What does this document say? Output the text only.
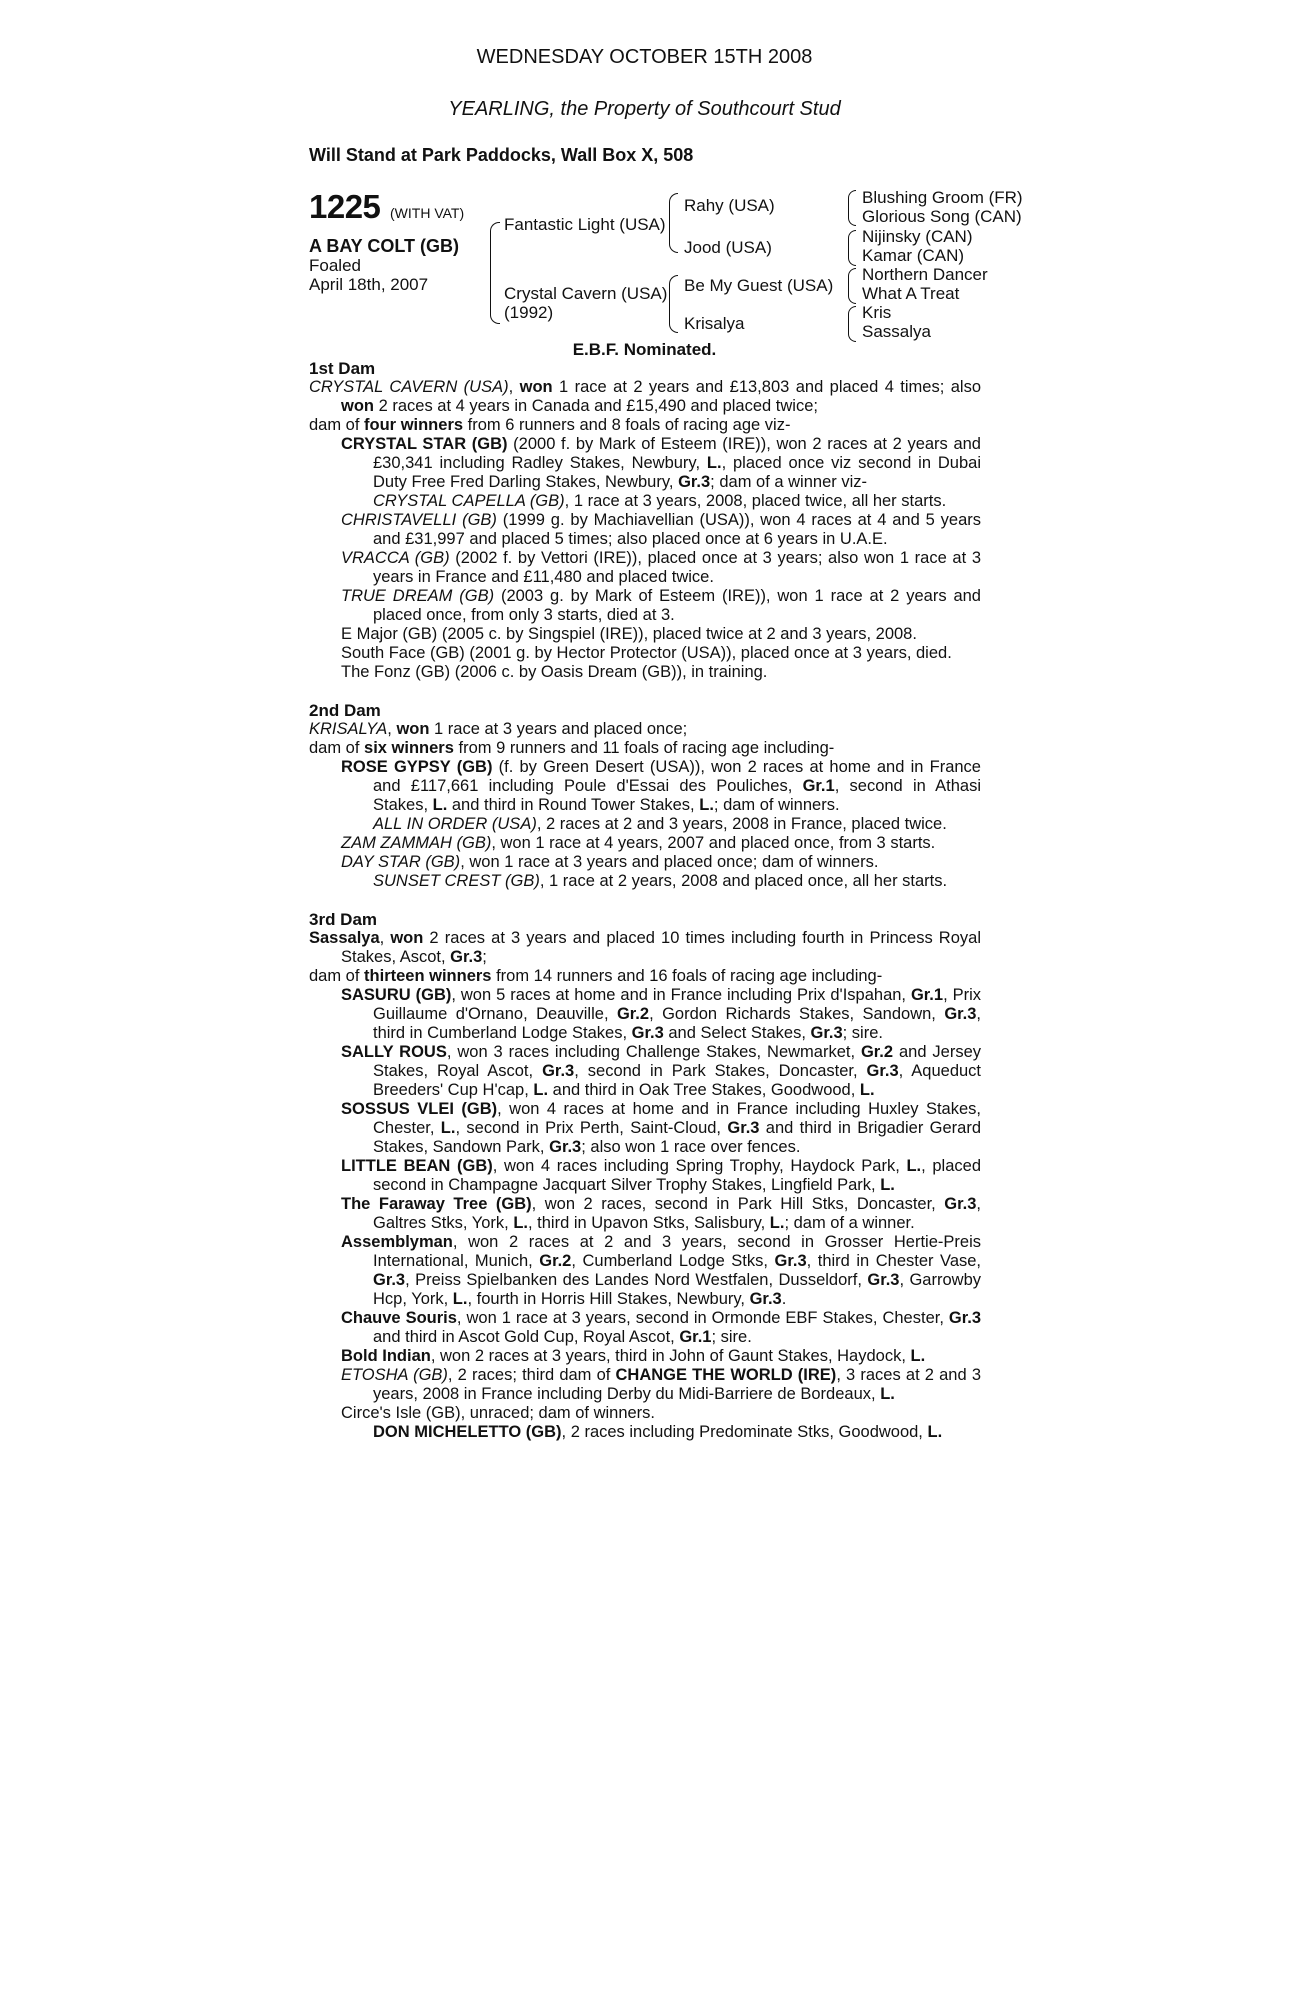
WEDNESDAY OCTOBER 15TH 2008
YEARLING, the Property of Southcourt Stud
Will Stand at Park Paddocks, Wall Box X, 508
1225 (WITH VAT)
A BAY COLT (GB)
Foaled
April 18th, 2007
Fantastic Light (USA)
Crystal Cavern (USA)
(1992)
Rahy (USA)
Jood (USA)
Be My Guest (USA)
Krisalya
Blushing Groom (FR)
Glorious Song (CAN)
Nijinsky (CAN)
Kamar (CAN)
Northern Dancer
What A Treat
Kris
Sassalya
E.B.F. Nominated.
1st Dam

CRYSTAL CAVERN (USA), won 1 race at 2 years and £13,803 and placed 4 times; also won 2 races at 4 years in Canada and £15,490 and placed twice;

dam of four winners from 6 runners and 8 foals of racing age viz-

CRYSTAL STAR (GB) (2000 f. by Mark of Esteem (IRE)), won 2 races at 2 years and £30,341 including Radley Stakes, Newbury, L., placed once viz second in Dubai Duty Free Fred Darling Stakes, Newbury, Gr.3; dam of a winner viz-

CRYSTAL CAPELLA (GB), 1 race at 3 years, 2008, placed twice, all her starts.

CHRISTAVELLI (GB) (1999 g. by Machiavellian (USA)), won 4 races at 4 and 5 years and £31,997 and placed 5 times; also placed once at 6 years in U.A.E.

VRACCA (GB) (2002 f. by Vettori (IRE)), placed once at 3 years; also won 1 race at 3 years in France and £11,480 and placed twice.

TRUE DREAM (GB) (2003 g. by Mark of Esteem (IRE)), won 1 race at 2 years and placed once, from only 3 starts, died at 3.

E Major (GB) (2005 c. by Singspiel (IRE)), placed twice at 2 and 3 years, 2008.

South Face (GB) (2001 g. by Hector Protector (USA)), placed once at 3 years, died.

The Fonz (GB) (2006 c. by Oasis Dream (GB)), in training.

2nd Dam

KRISALYA, won 1 race at 3 years and placed once;

dam of six winners from 9 runners and 11 foals of racing age including-

ROSE GYPSY (GB) (f. by Green Desert (USA)), won 2 races at home and in France and £117,661 including Poule d'Essai des Pouliches, Gr.1, second in Athasi Stakes, L. and third in Round Tower Stakes, L.; dam of winners.

ALL IN ORDER (USA), 2 races at 2 and 3 years, 2008 in France, placed twice.

ZAM ZAMMAH (GB), won 1 race at 4 years, 2007 and placed once, from 3 starts.

DAY STAR (GB), won 1 race at 3 years and placed once; dam of winners.

SUNSET CREST (GB), 1 race at 2 years, 2008 and placed once, all her starts.

3rd Dam

Sassalya, won 2 races at 3 years and placed 10 times including fourth in Princess Royal Stakes, Ascot, Gr.3;

dam of thirteen winners from 14 runners and 16 foals of racing age including-

SASURU (GB), won 5 races at home and in France including Prix d'Ispahan, Gr.1, Prix Guillaume d'Ornano, Deauville, Gr.2, Gordon Richards Stakes, Sandown, Gr.3, third in Cumberland Lodge Stakes, Gr.3 and Select Stakes, Gr.3; sire.

SALLY ROUS, won 3 races including Challenge Stakes, Newmarket, Gr.2 and Jersey Stakes, Royal Ascot, Gr.3, second in Park Stakes, Doncaster, Gr.3, Aqueduct Breeders' Cup H'cap, L. and third in Oak Tree Stakes, Goodwood, L.

SOSSUS VLEI (GB), won 4 races at home and in France including Huxley Stakes, Chester, L., second in Prix Perth, Saint-Cloud, Gr.3 and third in Brigadier Gerard Stakes, Sandown Park, Gr.3; also won 1 race over fences.

LITTLE BEAN (GB), won 4 races including Spring Trophy, Haydock Park, L., placed second in Champagne Jacquart Silver Trophy Stakes, Lingfield Park, L.

The Faraway Tree (GB), won 2 races, second in Park Hill Stks, Doncaster, Gr.3, Galtres Stks, York, L., third in Upavon Stks, Salisbury, L.; dam of a winner.

Assemblyman, won 2 races at 2 and 3 years, second in Grosser Hertie-Preis International, Munich, Gr.2, Cumberland Lodge Stks, Gr.3, third in Chester Vase, Gr.3, Preiss Spielbanken des Landes Nord Westfalen, Dusseldorf, Gr.3, Garrowby Hcp, York, L., fourth in Horris Hill Stakes, Newbury, Gr.3.

Chauve Souris, won 1 race at 3 years, second in Ormonde EBF Stakes, Chester, Gr.3 and third in Ascot Gold Cup, Royal Ascot, Gr.1; sire.

Bold Indian, won 2 races at 3 years, third in John of Gaunt Stakes, Haydock, L.

ETOSHA (GB), 2 races; third dam of CHANGE THE WORLD (IRE), 3 races at 2 and 3 years, 2008 in France including Derby du Midi-Barriere de Bordeaux, L.

Circe's Isle (GB), unraced; dam of winners.

DON MICHELETTO (GB), 2 races including Predominate Stks, Goodwood, L.
